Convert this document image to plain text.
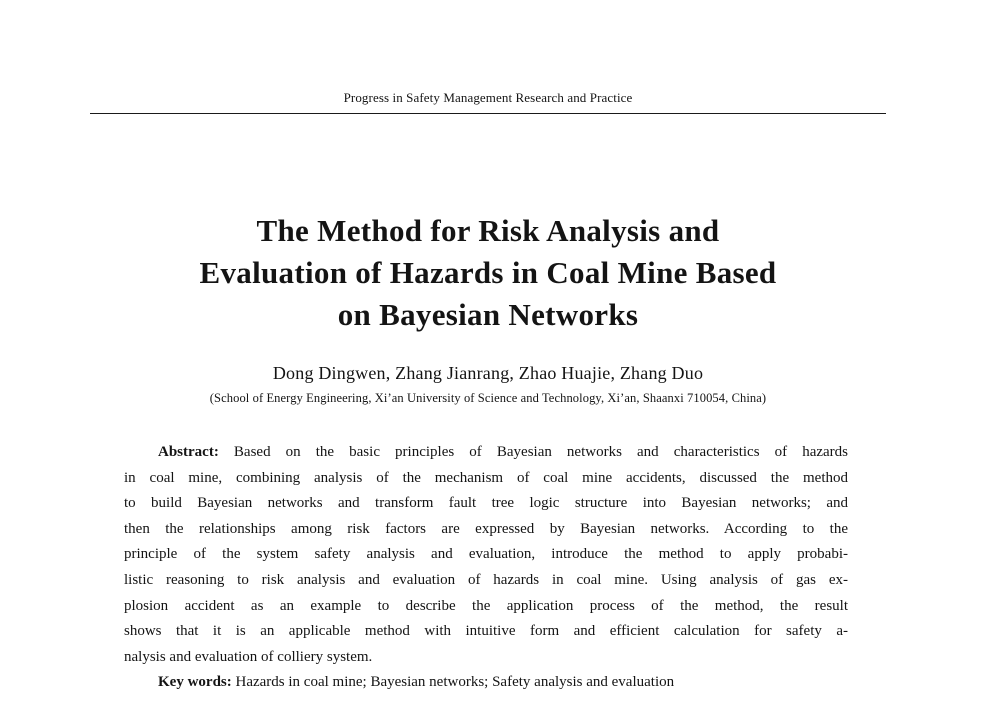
Progress in Safety Management Research and Practice
The Method for Risk Analysis and
Evaluation of Hazards in Coal Mine Based
on Bayesian Networks
Dong Dingwen, Zhang Jianrang, Zhao Huajie, Zhang Duo
(School of Energy Engineering, Xi’an University of Science and Technology, Xi’an, Shaanxi 710054, China)
Abstract: Based on the basic principles of Bayesian networks and characteristics of hazards
in coal mine, combining analysis of the mechanism of coal mine accidents, discussed the method
to build Bayesian networks and transform fault tree logic structure into Bayesian networks; and
then the relationships among risk factors are expressed by Bayesian networks. According to the
principle of the system safety analysis and evaluation, introduce the method to apply probabi-
listic reasoning to risk analysis and evaluation of hazards in coal mine. Using analysis of gas ex-
plosion accident as an example to describe the application process of the method, the result
shows that it is an applicable method with intuitive form and efficient calculation for safety a-
nalysis and evaluation of colliery system.
Key words: Hazards in coal mine; Bayesian networks; Safety analysis and evaluation
